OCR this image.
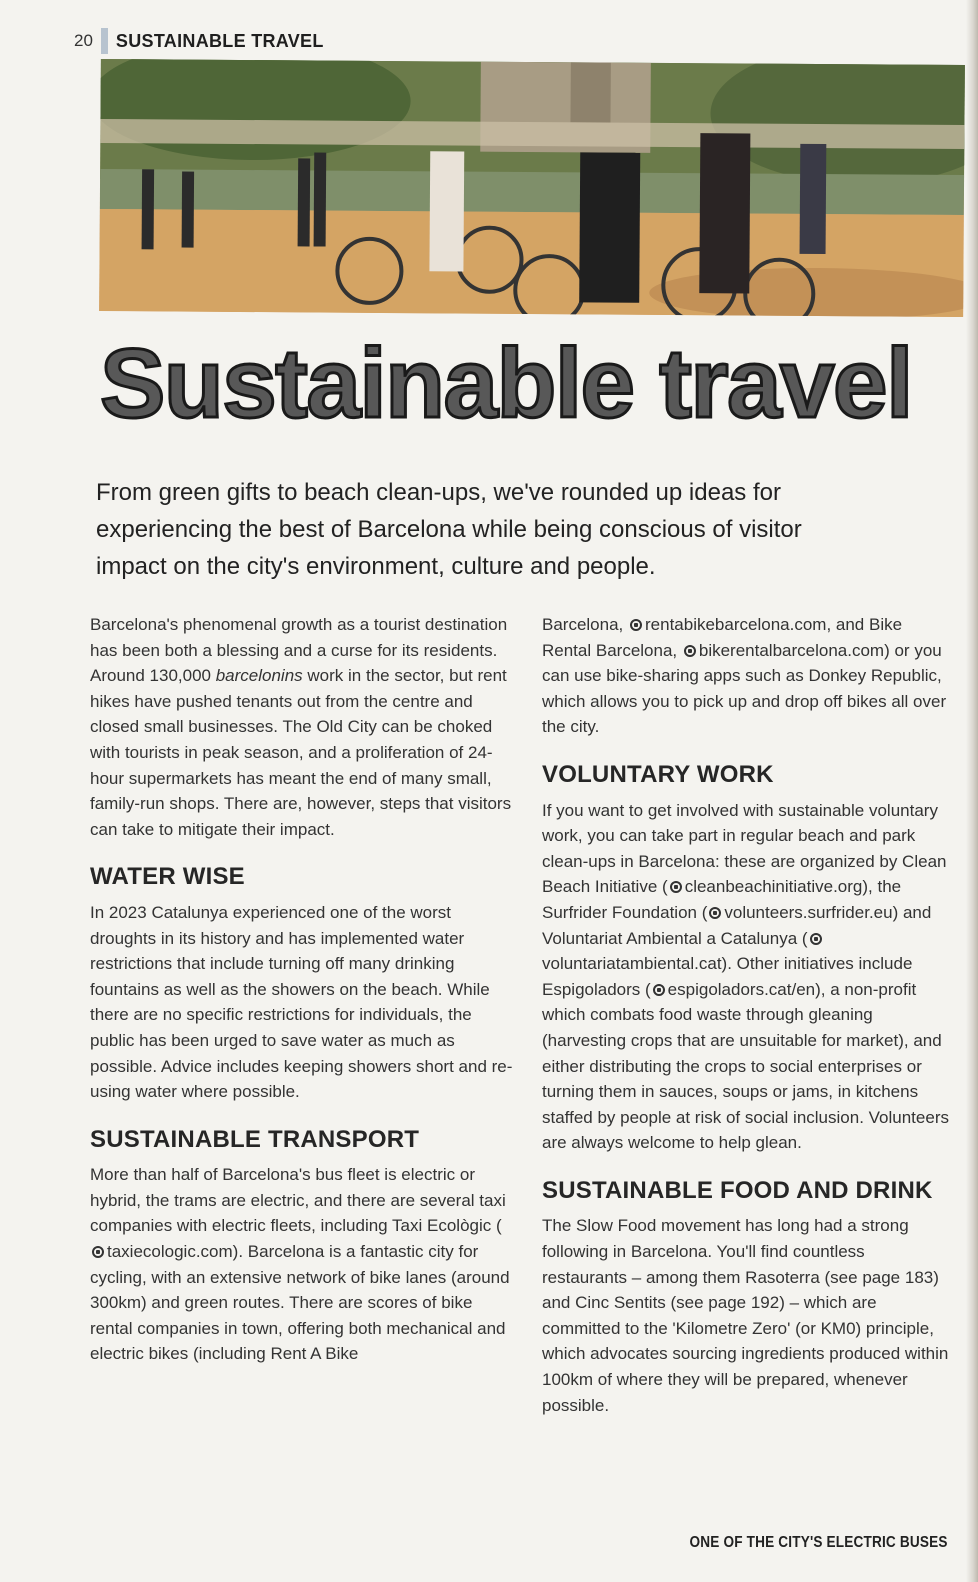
20 SUSTAINABLE TRAVEL
Sustainable travel

From green gifts to beach clean-ups, we've rounded up ideas for experiencing the best of Barcelona while being conscious of visitor impact on the city's environment, culture and people.

Barcelona's phenomenal growth as a tourist destination has been both a blessing and a curse for its residents. Around 130,000 barcelonins work in the sector, but rent hikes have pushed tenants out from the centre and closed small businesses. The Old City can be choked with tourists in peak season, and a proliferation of 24-hour supermarkets has meant the end of many small, family-run shops. There are, however, steps that visitors can take to mitigate their impact.

WATER WISE

In 2023 Catalunya experienced one of the worst droughts in its history and has implemented water restrictions that include turning off many drinking fountains as well as the showers on the beach. While there are no specific restrictions for individuals, the public has been urged to save water as much as possible. Advice includes keeping showers short and re-using water where possible.

SUSTAINABLE TRANSPORT

More than half of Barcelona's bus fleet is electric or hybrid, the trams are electric, and there are several taxi companies with electric fleets, including Taxi Ecològic (taxiecologic.com). Barcelona is a fantastic city for cycling, with an extensive network of bike lanes (around 300km) and green routes. There are scores of bike rental companies in town, offering both mechanical and electric bikes (including Rent A Bike

Barcelona, rentabikebarcelona.com, and Bike Rental Barcelona, bikerentalbarcelona.com) or you can use bike-sharing apps such as Donkey Republic, which allows you to pick up and drop off bikes all over the city.

VOLUNTARY WORK

If you want to get involved with sustainable voluntary work, you can take part in regular beach and park clean-ups in Barcelona: these are organized by Clean Beach Initiative ( cleanbeachinitiative.org), the Surfrider Foundation ( volunteers.surfrider.eu) and Voluntariat Ambiental a Catalunya (voluntariatambiental.cat). Other initiatives include Espigoladors ( espigoladors.cat/en), a non-profit which combats food waste through gleaning (harvesting crops that are unsuitable for market), and either distributing the crops to social enterprises or turning them in sauces, soups or jams, in kitchens staffed by people at risk of social inclusion. Volunteers are always welcome to help glean.

SUSTAINABLE FOOD AND DRINK

The Slow Food movement has long had a strong following in Barcelona. You'll find countless restaurants – among them Rasoterra (see page 183) and Cinc Sentits (see page 192) – which are committed to the 'Kilometre Zero' (or KM0) principle, which advocates sourcing ingredients produced within 100km of where they will be prepared, whenever possible.

ONE OF THE CITY'S ELECTRIC BUSES
